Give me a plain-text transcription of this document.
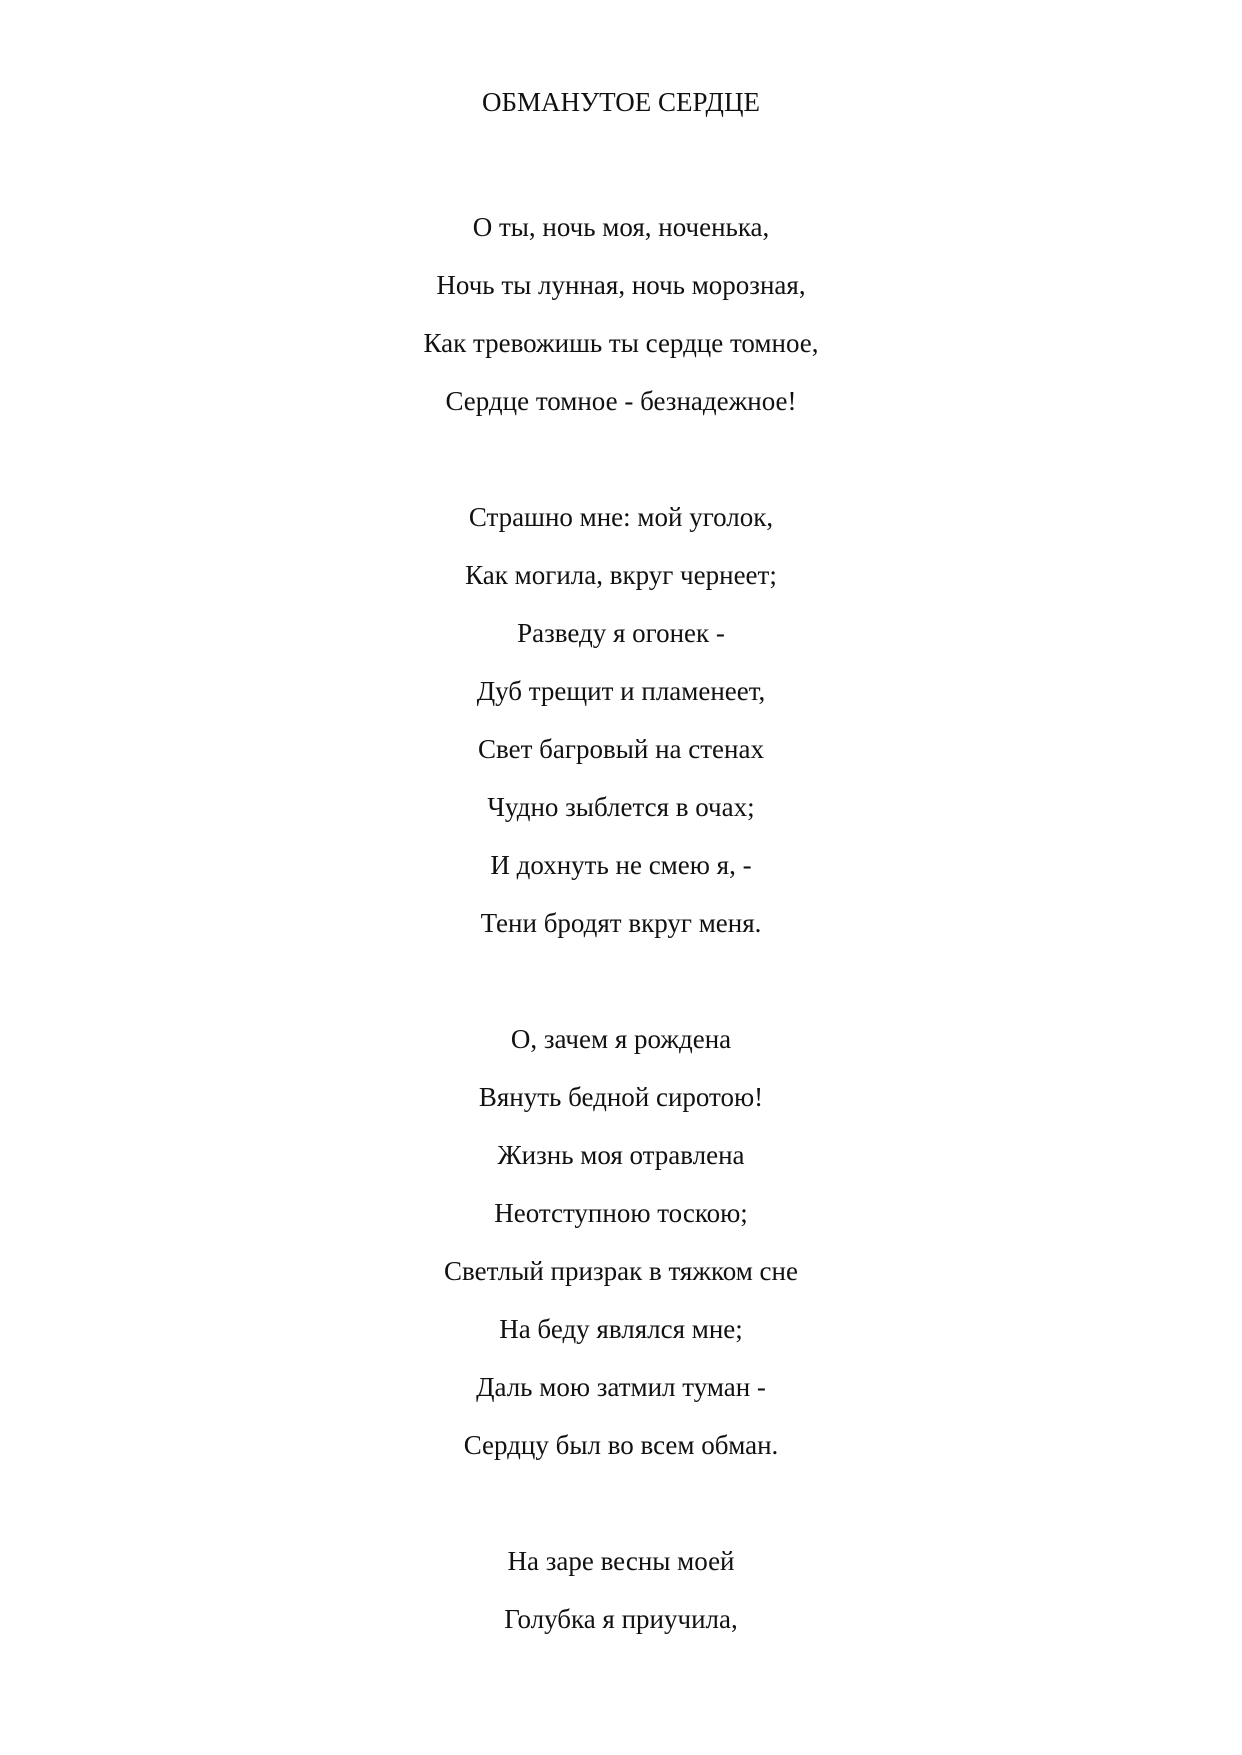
ОБМАНУТОЕ СЕРДЦЕ
О ты, ночь моя, ноченька,
Ночь ты лунная, ночь морозная,
Как тревожишь ты сердце томное,
Сердце томное - безнадежное!
Страшно мне: мой уголок,
Как могила, вкруг чернеет;
Разведу я огонек -
Дуб трещит и пламенеет,
Свет багровый на стенах
Чудно зыблется в очах;
И дохнуть не смею я, -
Тени бродят вкруг меня.
О, зачем я рождена
Вянуть бедной сиротою!
Жизнь моя отравлена
Неотступною тоскою;
Светлый призрак в тяжком сне
На беду являлся мне;
Даль мою затмил туман -
Сердцу был во всем обман.
На заре весны моей
Голубка я приучила,
